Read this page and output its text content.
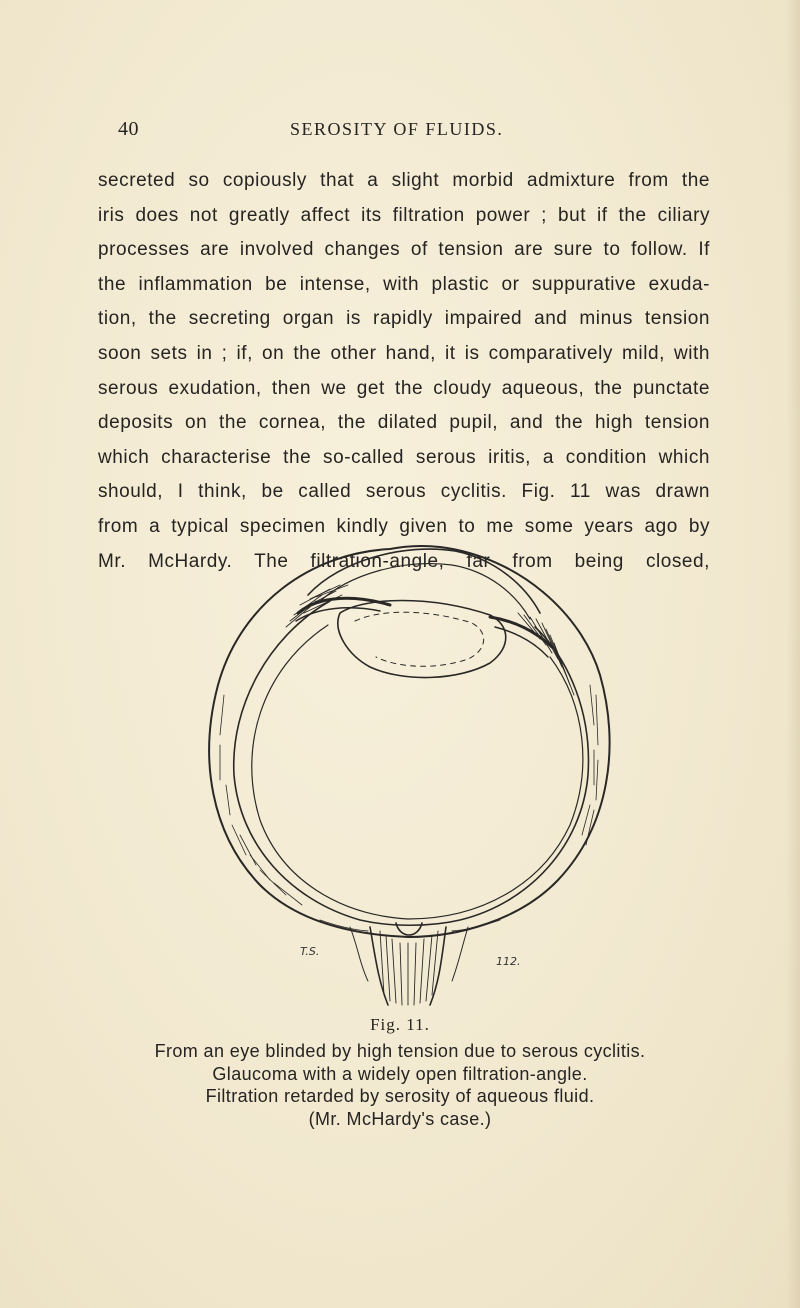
40	SEROSITY OF FLUIDS.
secreted so copiously that a slight morbid admixture from the
iris does not greatly affect its filtration power ; but if the ciliary
processes are involved changes of tension are sure to follow. If
the inflammation be intense, with plastic or suppurative exuda-
tion, the secreting organ is rapidly impaired and minus tension
soon sets in ; if, on the other hand, it is comparatively mild, with
serous exudation, then we get the cloudy aqueous, the punctate
deposits on the cornea, the dilated pupil, and the high tension
which characterise the so-called serous iritis, a condition which
should, I think, be called serous cyclitis. Fig. 11 was drawn
from a typical specimen kindly given to me some years ago by
Mr. McHardy. The filtration-angle, far from being closed,
T.S.
112.
Fig. 11.
From an eye blinded by high tension due to serous cyclitis.
Glaucoma with a widely open filtration-angle.
Filtration retarded by serosity of aqueous fluid.
(Mr. McHardy's case.)
